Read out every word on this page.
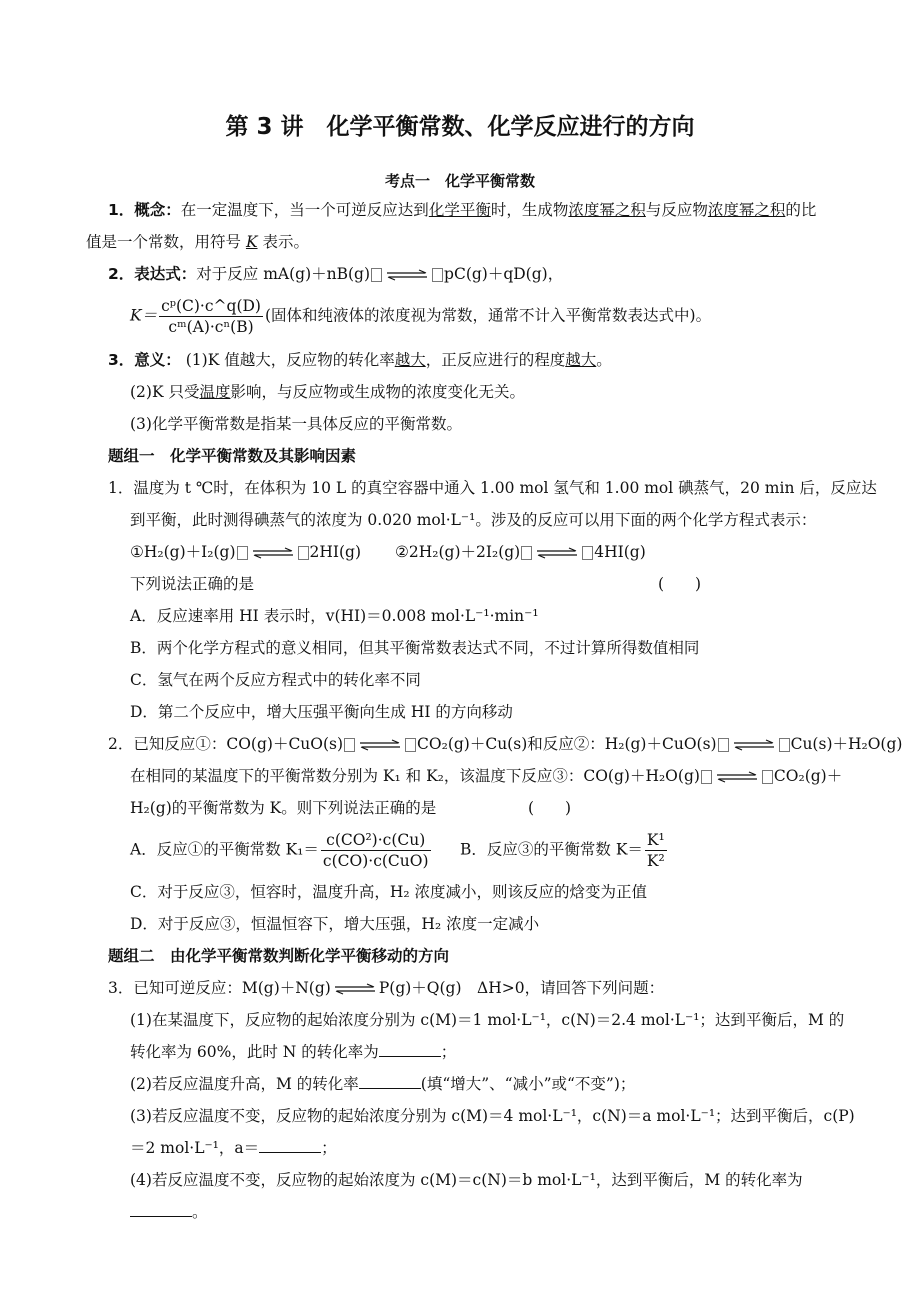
第 3 讲　化学平衡常数、化学反应进行的方向
考点一　化学平衡常数
1．概念：在一定温度下，当一个可逆反应达到化学平衡时，生成物浓度幂之积与反应物浓度幂之积的比
值是一个常数，用符号 K 表示。
2．表达式：对于反应 mA(g)＋nB(g) ⇌ pC(g)＋qD(g)，
$K= \frac{\text{cᵖ(C)·c\textasciicircum{}q(D)}}{\text{cᵐ(A)·cⁿ(B)}}$ (固体和纯液体的浓度视为常数，通常不计入平衡常数表达式中)。
3．意义： (1)K 值越大，反应物的转化率越大，正反应进行的程度越大。
(2)K 只受温度影响，与反应物或生成物的浓度变化无关。
(3)化学平衡常数是指某一具体反应的平衡常数。
题组一　化学平衡常数及其影响因素
1．温度为 t ℃时，在体积为 10 L 的真空容器中通入 1.00 mol 氢气和 1.00 mol 碘蒸气，20 min 后，反应达
到平衡，此时测得碘蒸气的浓度为 0.020 mol·L⁻¹。涉及的反应可以用下面的两个化学方程式表示：
①H₂(g)＋I₂(g) ⇌ 2HI(g) ②2H₂(g)＋2I₂(g) ⇌ 4HI(g)
下列说法正确的是	(　　)
A．反应速率用 HI 表示时，v(HI)＝0.008 mol·L⁻¹·min⁻¹
B．两个化学方程式的意义相同，但其平衡常数表达式不同，不过计算所得数值相同
C．氢气在两个反应方程式中的转化率不同
D．第二个反应中，增大压强平衡向生成 HI 的方向移动
2．已知反应①：CO(g)＋CuO(s) ⇌ CO₂(g)＋Cu(s)和反应②：H₂(g)＋CuO(s) ⇌ Cu(s)＋H₂O(g)
在相同的某温度下的平衡常数分别为 K₁ 和 K₂，该温度下反应③：CO(g)＋H₂O(g) ⇌ CO₂(g)＋
H₂(g)的平衡常数为 K。则下列说法正确的是	(　　)
A．反应①的平衡常数 $K_1= \frac{\text{c(CO²)·c(Cu)}}{\text{c(CO)·c(CuO)}}$ B．反应③的平衡常数 $K= \frac{\text{K¹}}{\text{K²}}$
C．对于反应③，恒容时，温度升高，H₂ 浓度减小，则该反应的焓变为正值
D．对于反应③，恒温恒容下，增大压强，H₂ 浓度一定减小
题组二　由化学平衡常数判断化学平衡移动的方向
3．已知可逆反应：M(g)＋N(g) ⇌ P(g)＋Q(g)　ΔH>0，请回答下列问题：
(1)在某温度下，反应物的起始浓度分别为 c(M)＝1 mol·L⁻¹，c(N)＝2.4 mol·L⁻¹；达到平衡后，M 的
转化率为 60%，此时 N 的转化率为	；
(2)若反应温度升高，M 的转化率	(填“增大”、“减小”或“不变”)；
(3)若反应温度不变，反应物的起始浓度分别为 c(M)＝4 mol·L⁻¹，c(N)＝a mol·L⁻¹；达到平衡后，c(P)
＝2 mol·L⁻¹，a＝	；
(4)若反应温度不变，反应物的起始浓度为 c(M)＝c(N)＝b mol·L⁻¹，达到平衡后，M 的转化率为
。
